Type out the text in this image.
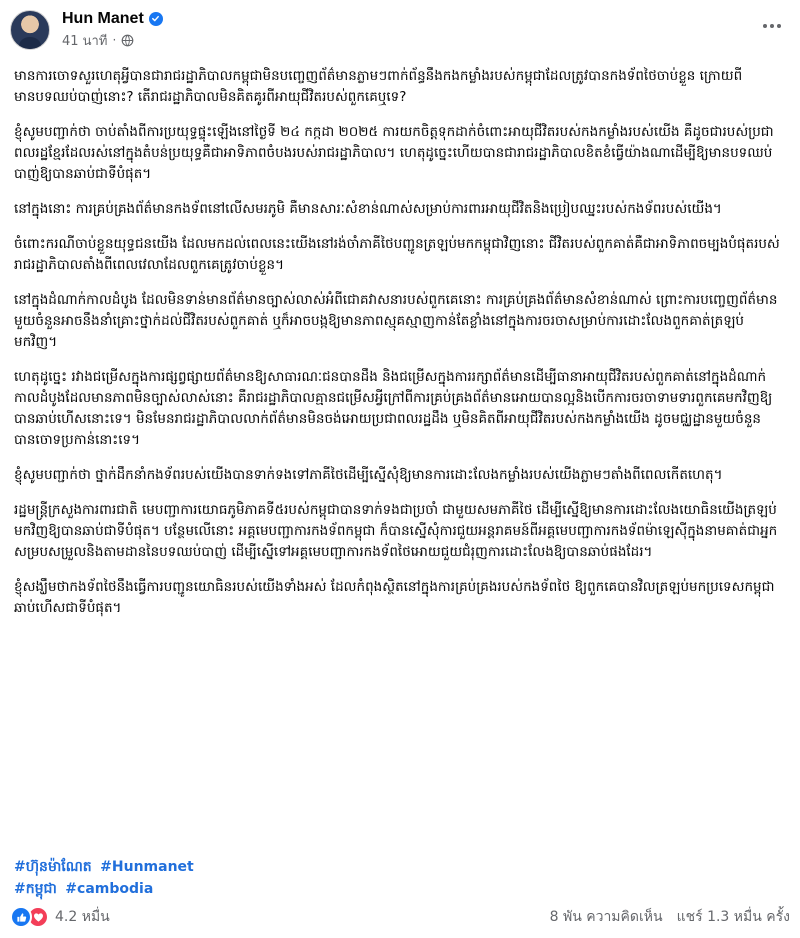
Hun Manet
41 นาที ·

មានការចោទសួរហេតុអ្វីបានជារាជរដ្ឋាភិបាលកម្ពុជាមិនបញ្ចេញព័ត៌មានភ្លាមៗពាក់ព័ន្ធនឹងកងកម្លាំងរបស់កម្ពុជាដែលត្រូវបានកងទ័ពថៃចាប់ខ្លួន ក្រោយពីមានបទឈប់បាញ់នោះ? តើរាជរដ្ឋាភិបាលមិនគិតគូរពីអាយុជីវិតរបស់ពួកគេឬទេ?

ខ្ញុំសូមបញ្ជាក់ថា ចាប់តាំងពីការប្រយុទ្ធផ្ទុះឡើងនៅថ្ងៃទី ២៤ កក្កដា ២០២៥ ការយកចិត្តទុកដាក់ចំពោះអាយុជីវិតរបស់កងកម្លាំងរបស់យើង គឺដូចជារបស់ប្រជាពលរដ្ឋខ្មែរដែលរស់នៅក្នុងតំបន់ប្រយុទ្ធគឺជាអាទិភាពចំបងរបស់រាជរដ្ឋាភិបាល។ ហេតុដូច្នេះហើយបានជារាជរដ្ឋាភិបាលខិតខំធ្វើយ៉ាងណាដើម្បីឱ្យមានបទឈប់បាញ់ឱ្យបានឆាប់ជាទីបំផុត។

នៅក្នុងនោះ ការគ្រប់គ្រងព័ត៌មានកងទ័ពនៅលើសមរភូមិ គឺមានសារៈសំខាន់ណាស់សម្រាប់ការពារអាយុជីវិតនិងប្រៀបឈ្នះរបស់កងទ័ពរបស់យើង។

ចំពោះករណីចាប់ខ្លួនយុទ្ធជនយើង ដែលមកដល់ពេលនេះយើងនៅរង់ចាំភាគីថៃបញ្ជូនត្រឡប់មកកម្ពុជាវិញនោះ ជីវិតរបស់ពួកគាត់គឺជាអាទិភាពចម្បងបំផុតរបស់រាជរដ្ឋាភិបាលតាំងពីពេលវេលាដែលពួកគេត្រូវចាប់ខ្លួន។

នៅក្នុងដំណាក់កាលដំបូង ដែលមិនទាន់មានព័ត៌មានច្បាស់លាស់អំពីជោគវាសនារបស់ពួកគេនោះ ការគ្រប់គ្រងព័ត៌មានសំខាន់ណាស់ ព្រោះការបញ្ចេញព័ត៌មានមួយចំនួនអាចនឹងនាំគ្រោះថ្នាក់ដល់ជីវិតរបស់ពួកគាត់ ឬក៏អាចបង្កឱ្យមានភាពស្មុគស្មាញកាន់តែខ្លាំងនៅក្នុងការចរចាសម្រាប់ការដោះលែងពួកគាត់ត្រឡប់មកវិញ។

ហេតុដូច្នេះ រវាងជម្រើសក្នុងការផ្សព្វផ្សាយព័ត៌មានឱ្យសាធារណៈជនបានដឹង និងជម្រើសក្នុងការរក្សាព័ត៌មានដើម្បីធានាអាយុជីវិតរបស់ពួកគាត់នៅក្នុងដំណាក់កាលដំបូងដែលមានភាពមិនច្បាស់លាស់នោះ គឺរាជរដ្ឋាភិបាលគ្មានជម្រើសអ្វីក្រៅពីការគ្រប់គ្រងព័ត៌មានអោយបានល្អនិងបើកការចរចាទាមទារពួកគេមកវិញឱ្យបានឆាប់ហើសនោះទេ។ មិនមែនរាជរដ្ឋាភិបាលលាក់ព័ត៌មានមិនចង់អោយប្រជាពលរដ្ឋដឹង ឬមិនគិតពីអាយុជីវិតរបស់កងកម្លាំងយើង ដូចមជ្ឈដ្ឋានមួយចំនួនបានចោទប្រកាន់នោះទេ។

ខ្ញុំសូមបញ្ជាក់ថា ថ្នាក់ដឹកនាំកងទ័ពរបស់យើងបានទាក់ទងទៅភាគីថៃដើម្បីស្នើសុំឱ្យមានការដោះលែងកម្លាំងរបស់យើងភ្លាមៗតាំងពីពេលកើតហេតុ។

រដ្ឋមន្ត្រីក្រសួងការពារជាតិ មេបញ្ជាការយោធភូមិភាគទី៥របស់កម្ពុជាបានទាក់ទងជាប្រចាំ ជាមួយសមភាគីថៃ ដើម្បីស្នើឱ្យមានការដោះលែងយោធិនយើងត្រឡប់មកវិញឱ្យបានឆាប់ជាទីបំផុត។ បន្ថែមលើនោះ អគ្គមេបញ្ជាការកងទ័ពកម្ពុជា ក៏បានស្នើសុំការជួយអន្តរាគមន៍ពីអគ្គមេបញ្ជាការកងទ័ពម៉ាឡេស៊ីក្នុងនាមគាត់ជាអ្នកសម្របសម្រួលនិងតាមដាននៃបទឈប់បាញ់ ដើម្បីស្នើទៅអគ្គមេបញ្ជាការកងទ័ពថៃអោយជួយជំរុញការដោះលែងឱ្យបានឆាប់ផងដែរ។

ខ្ញុំសង្ឃឹមថាកងទ័ពថៃនឹងធ្វើការបញ្ជូនយោធិនរបស់យើងទាំងអស់ ដែលកំពុងស្ថិតនៅក្នុងការគ្រប់គ្រងរបស់កងទ័ពថៃ ឱ្យពួកគេបានវិលត្រឡប់មកប្រទេសកម្ពុជាឆាប់ហើសជាទីបំផុត។

#ហ៊ុនម៉ាណែត #Hunmanet
#កម្ពុជា #cambodia
4.2 หมื่น	8 พัน ความคิดเห็น แชร์ 1.3 หมื่น ครั้ง
